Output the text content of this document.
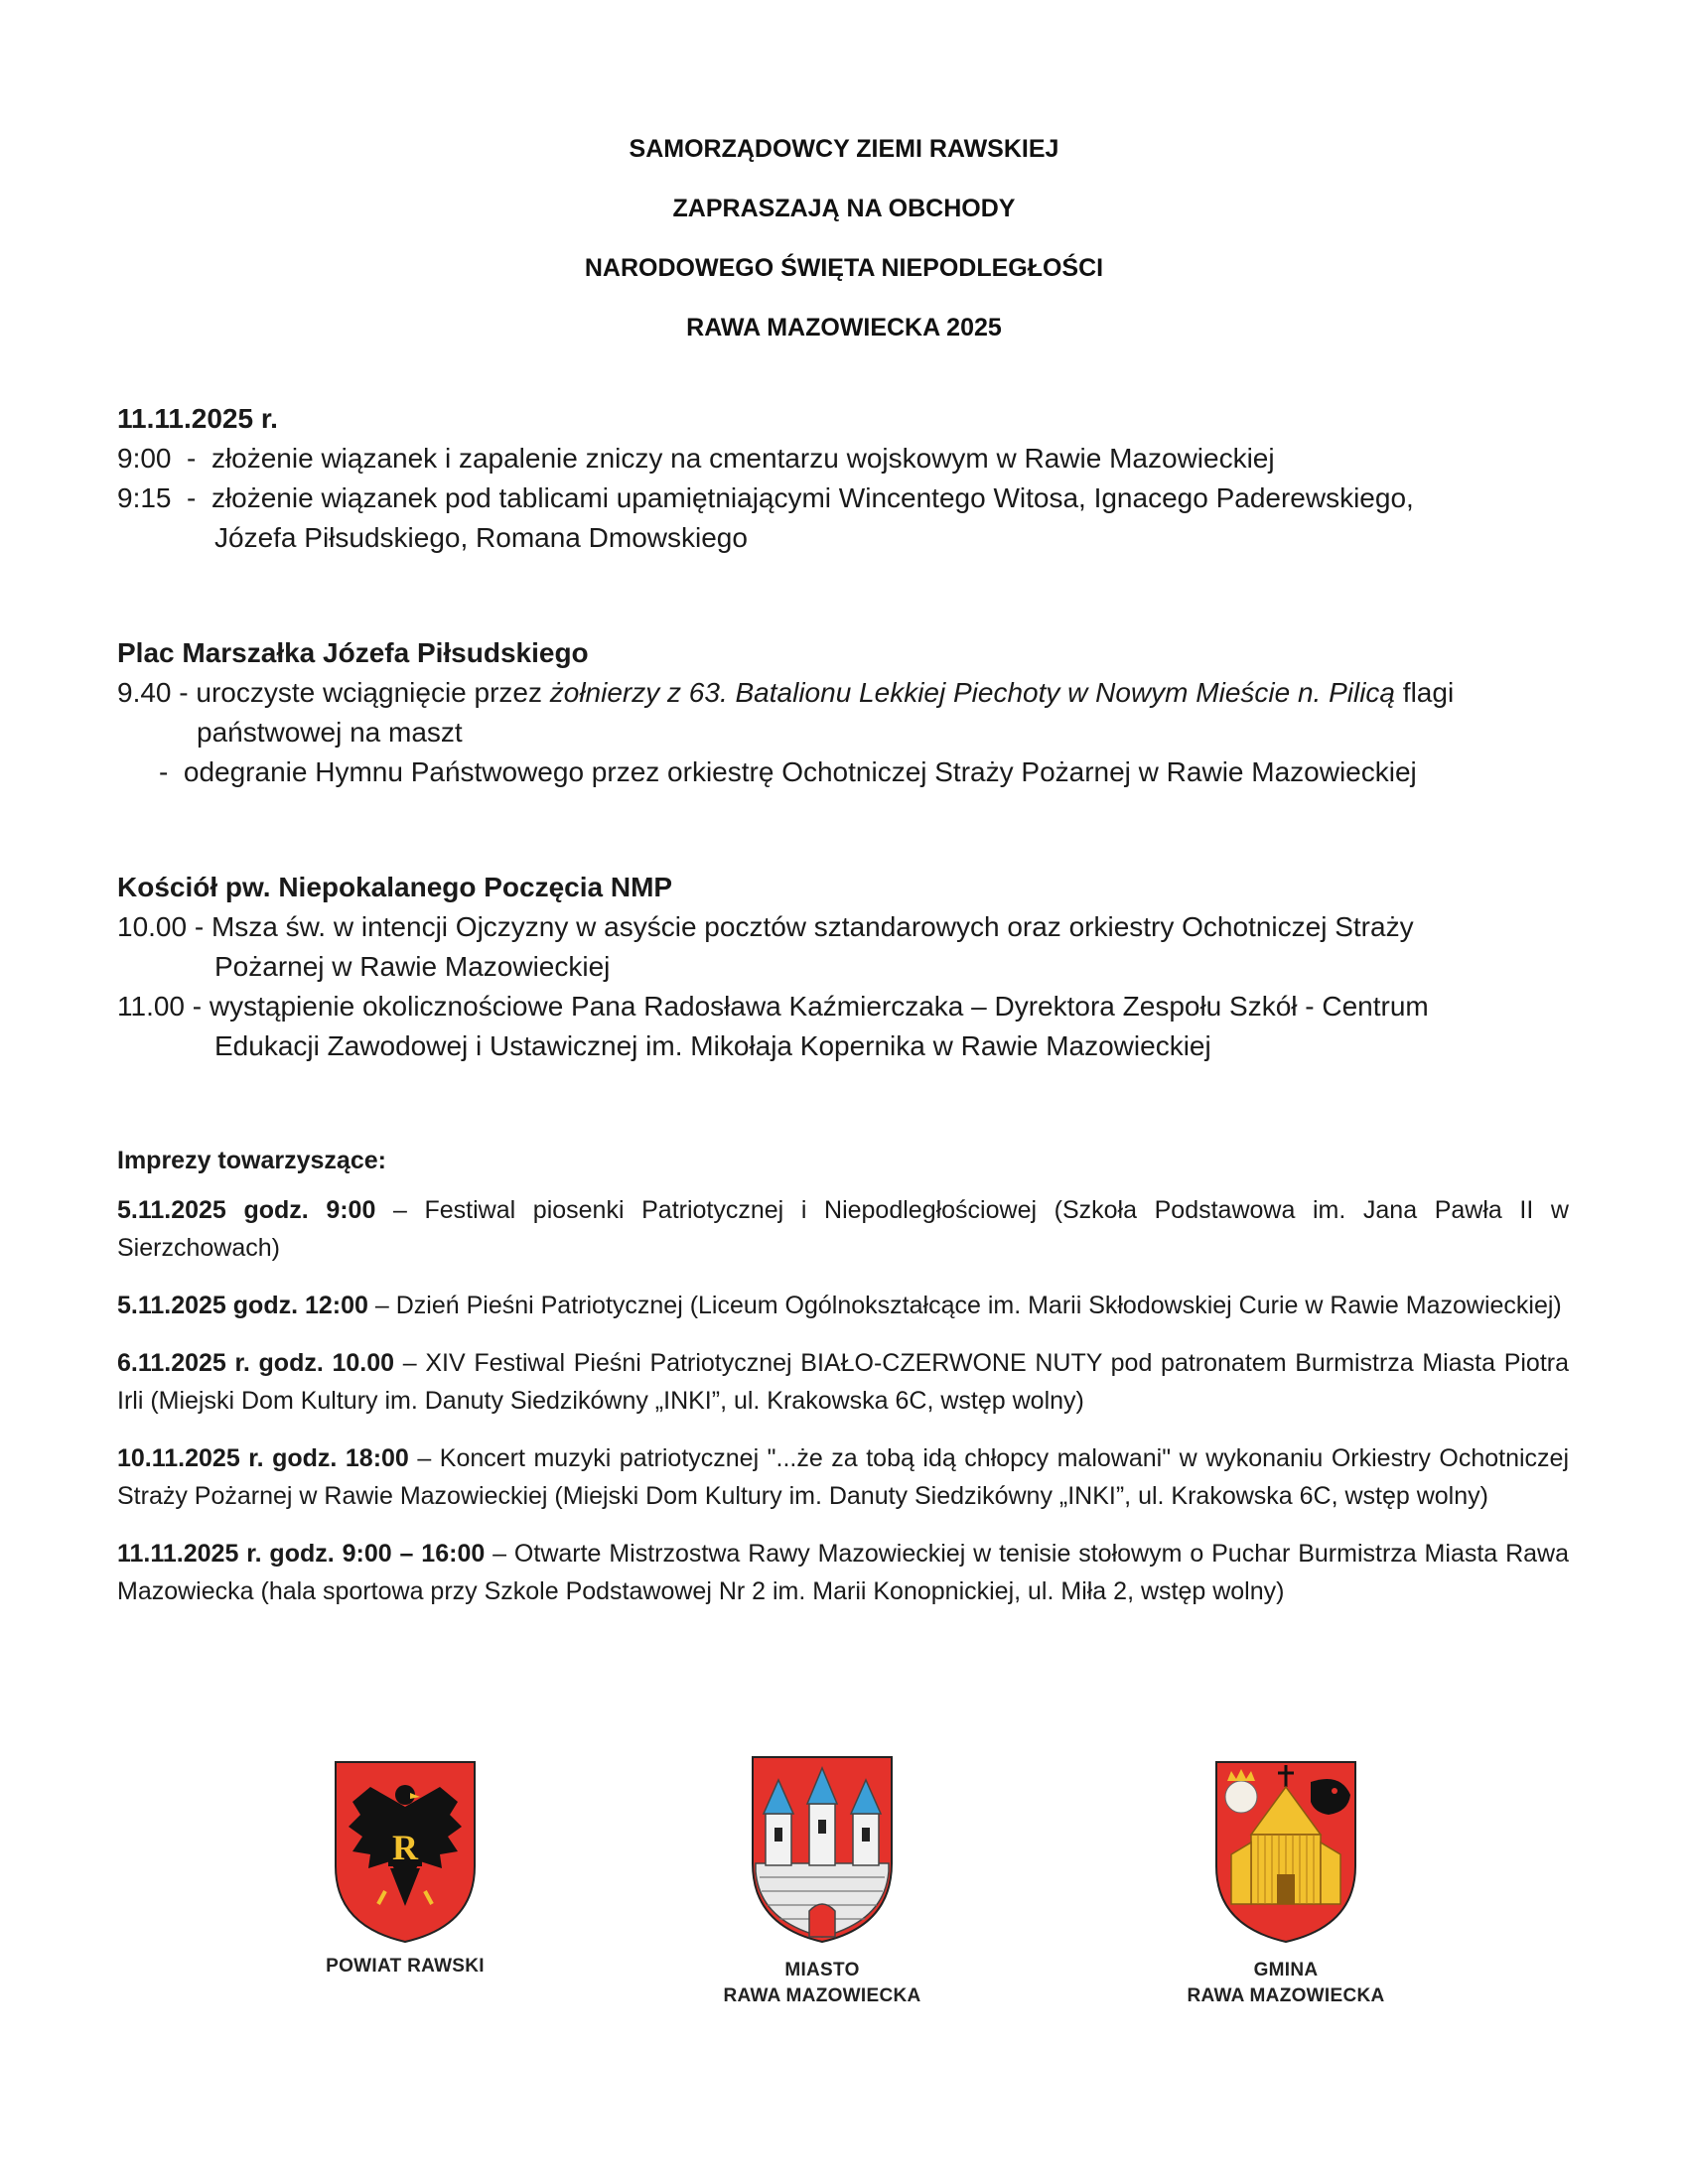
SAMORZĄDOWCY ZIEMI RAWSKIEJ
ZAPRASZAJĄ NA OBCHODY
NARODOWEGO ŚWIĘTA NIEPODLEGŁOŚCI
RAWA MAZOWIECKA 2025
11.11.2025 r.
9:00  - złożenie wiązanek i zapalenie zniczy na cmentarzu wojskowym w Rawie Mazowieckiej
9:15  - złożenie wiązanek pod tablicami upamiętniającymi Wincentego Witosa, Ignacego Paderewskiego,
Józefa Piłsudskiego, Romana Dmowskiego
Plac Marszałka Józefa Piłsudskiego
9.40 - uroczyste wciągnięcie przez żołnierzy z 63. Batalionu Lekkiej Piechoty w Nowym Mieście n. Pilicą flagi
państwowej na maszt
- odegranie Hymnu Państwowego przez orkiestrę Ochotniczej Straży Pożarnej w Rawie Mazowieckiej
Kościół pw. Niepokalanego Poczęcia NMP
10.00 - Msza św. w intencji Ojczyzny w asyście pocztów sztandarowych oraz orkiestry Ochotniczej Straży
Pożarnej w Rawie Mazowieckiej
11.00 - wystąpienie okolicznościowe Pana Radosława Kaźmierczaka – Dyrektora Zespołu Szkół - Centrum
Edukacji Zawodowej i Ustawicznej im. Mikołaja Kopernika w Rawie Mazowieckiej
Imprezy towarzyszące:

5.11.2025 godz. 9:00 – Festiwal piosenki Patriotycznej i Niepodległościowej (Szkoła Podstawowa im. Jana Pawła II w Sierzchowach)

5.11.2025 godz. 12:00 – Dzień Pieśni Patriotycznej (Liceum Ogólnokształcące im. Marii Skłodowskiej Curie w Rawie Mazowieckiej)

6.11.2025 r. godz. 10.00 – XIV Festiwal Pieśni Patriotycznej BIAŁO-CZERWONE NUTY pod patronatem Burmistrza Miasta Piotra Irli (Miejski Dom Kultury im. Danuty Siedzikówny „INKI”, ul. Krakowska 6C, wstęp wolny)

10.11.2025 r. godz. 18:00 – Koncert muzyki patriotycznej "...że za tobą idą chłopcy malowani" w wykonaniu Orkiestry Ochotniczej Straży Pożarnej w Rawie Mazowieckiej (Miejski Dom Kultury im. Danuty Siedzikówny „INKI”, ul. Krakowska 6C, wstęp wolny)

11.11.2025 r. godz. 9:00 – 16:00 – Otwarte Mistrzostwa Rawy Mazowieckiej w tenisie stołowym o Puchar Burmistrza Miasta Rawa Mazowiecka (hala sportowa przy Szkole Podstawowej Nr 2 im. Marii Konopnickiej, ul. Miła 2, wstęp wolny)

R
POWIAT RAWSKI	MIASTO
RAWA MAZOWIECKA
GMINA
RAWA MAZOWIECKA
